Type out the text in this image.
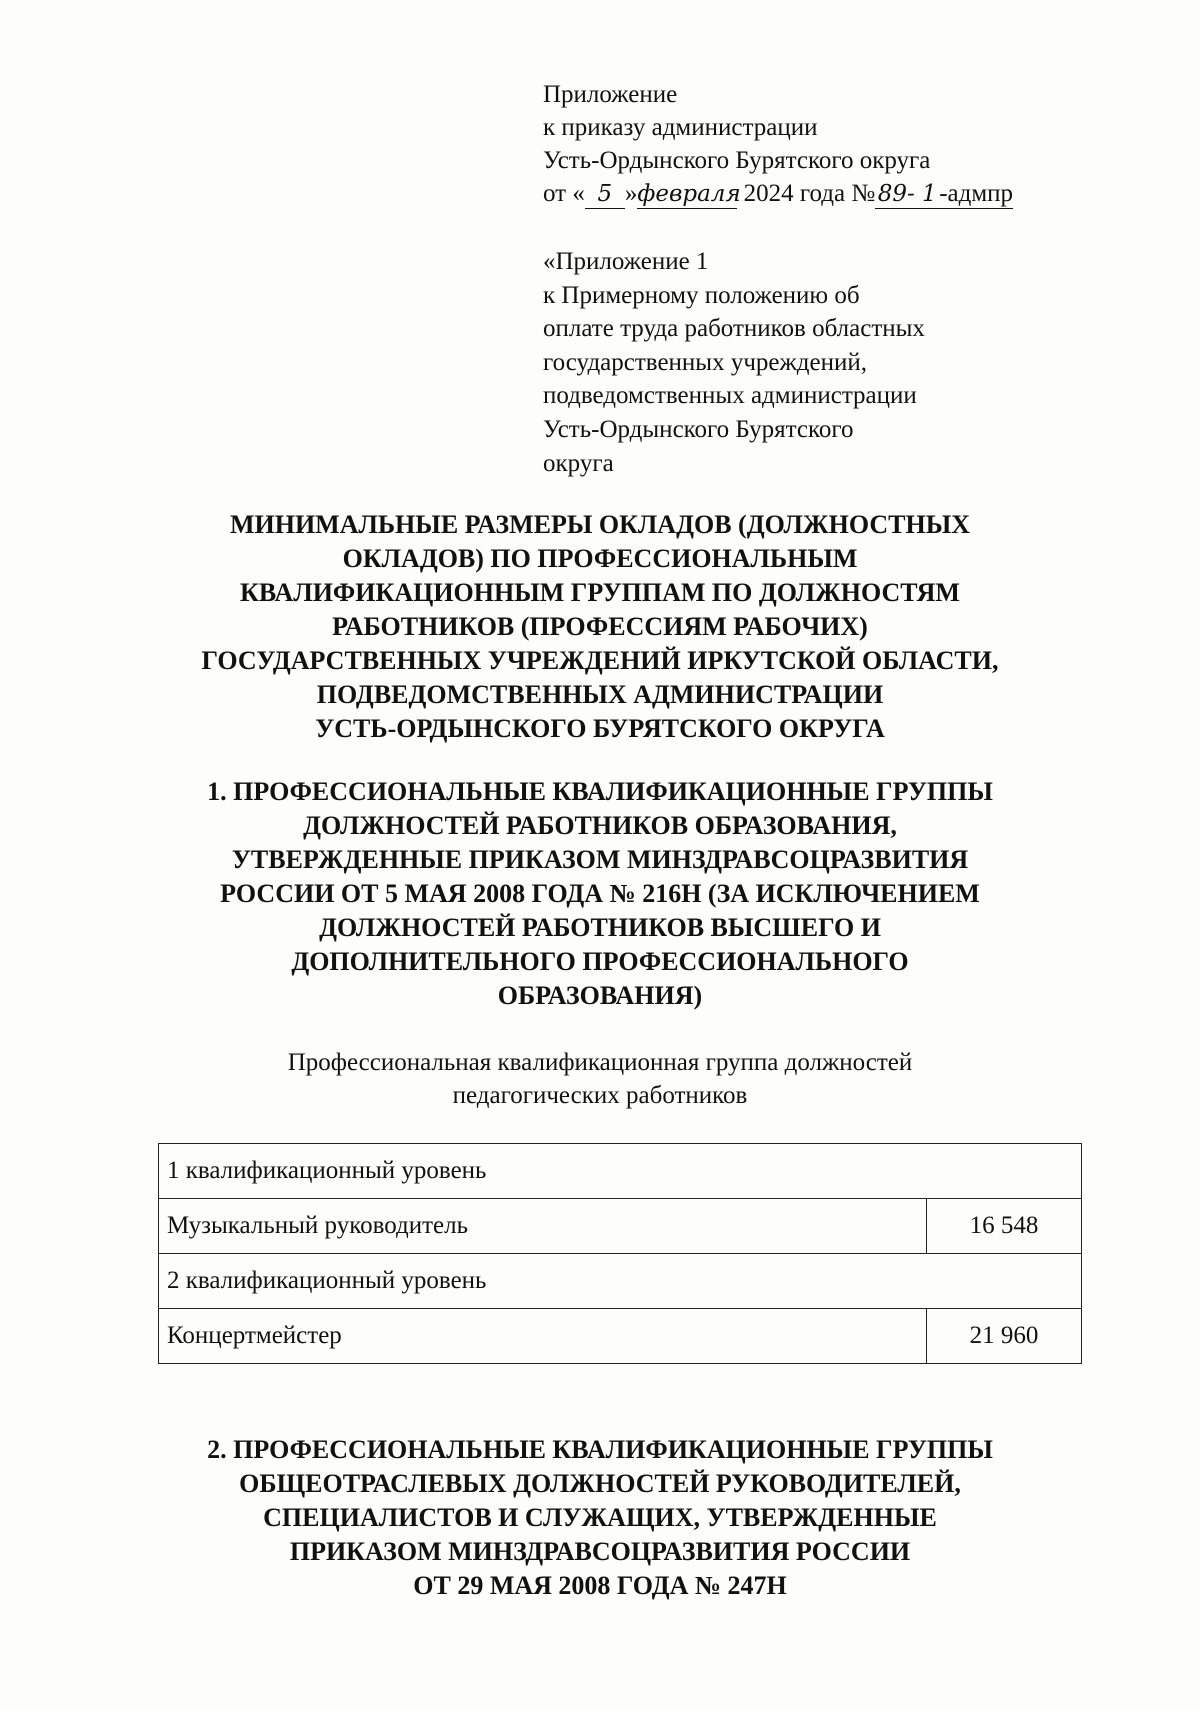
Приложение
к приказу администрации
Усть-Ордынского Бурятского округа
от « 5 »февраля 2024 года № 89- 1 -адмпр
«Приложение 1
к Примерному положению об
оплате труда работников областных
государственных учреждений,
подведомственных администрации
Усть-Ордынского Бурятского
округа
МИНИМАЛЬНЫЕ РАЗМЕРЫ ОКЛАДОВ (ДОЛЖНОСТНЫХ
ОКЛАДОВ) ПО ПРОФЕССИОНАЛЬНЫМ
КВАЛИФИКАЦИОННЫМ ГРУППАМ ПО ДОЛЖНОСТЯМ
РАБОТНИКОВ (ПРОФЕССИЯМ РАБОЧИХ)
ГОСУДАРСТВЕННЫХ УЧРЕЖДЕНИЙ ИРКУТСКОЙ ОБЛАСТИ,
ПОДВЕДОМСТВЕННЫХ АДМИНИСТРАЦИИ
УСТЬ-ОРДЫНСКОГО БУРЯТСКОГО ОКРУГА
1. ПРОФЕССИОНАЛЬНЫЕ КВАЛИФИКАЦИОННЫЕ ГРУППЫ
ДОЛЖНОСТЕЙ РАБОТНИКОВ ОБРАЗОВАНИЯ,
УТВЕРЖДЕННЫЕ ПРИКАЗОМ МИНЗДРАВСОЦРАЗВИТИЯ
РОССИИ ОТ 5 МАЯ 2008 ГОДА № 216Н (ЗА ИСКЛЮЧЕНИЕМ
ДОЛЖНОСТЕЙ РАБОТНИКОВ ВЫСШЕГО И
ДОПОЛНИТЕЛЬНОГО ПРОФЕССИОНАЛЬНОГО
ОБРАЗОВАНИЯ)
Профессиональная квалификационная группа должностей
педагогических работников
1 квалификационный уровень	
Музыкальный руководитель	16 548
2 квалификационный уровень	
Концертмейстер	21 960
2. ПРОФЕССИОНАЛЬНЫЕ КВАЛИФИКАЦИОННЫЕ ГРУППЫ
ОБЩЕОТРАСЛЕВЫХ ДОЛЖНОСТЕЙ РУКОВОДИТЕЛЕЙ,
СПЕЦИАЛИСТОВ И СЛУЖАЩИХ, УТВЕРЖДЕННЫЕ
ПРИКАЗОМ МИНЗДРАВСОЦРАЗВИТИЯ РОССИИ
ОТ 29 МАЯ 2008 ГОДА № 247Н
